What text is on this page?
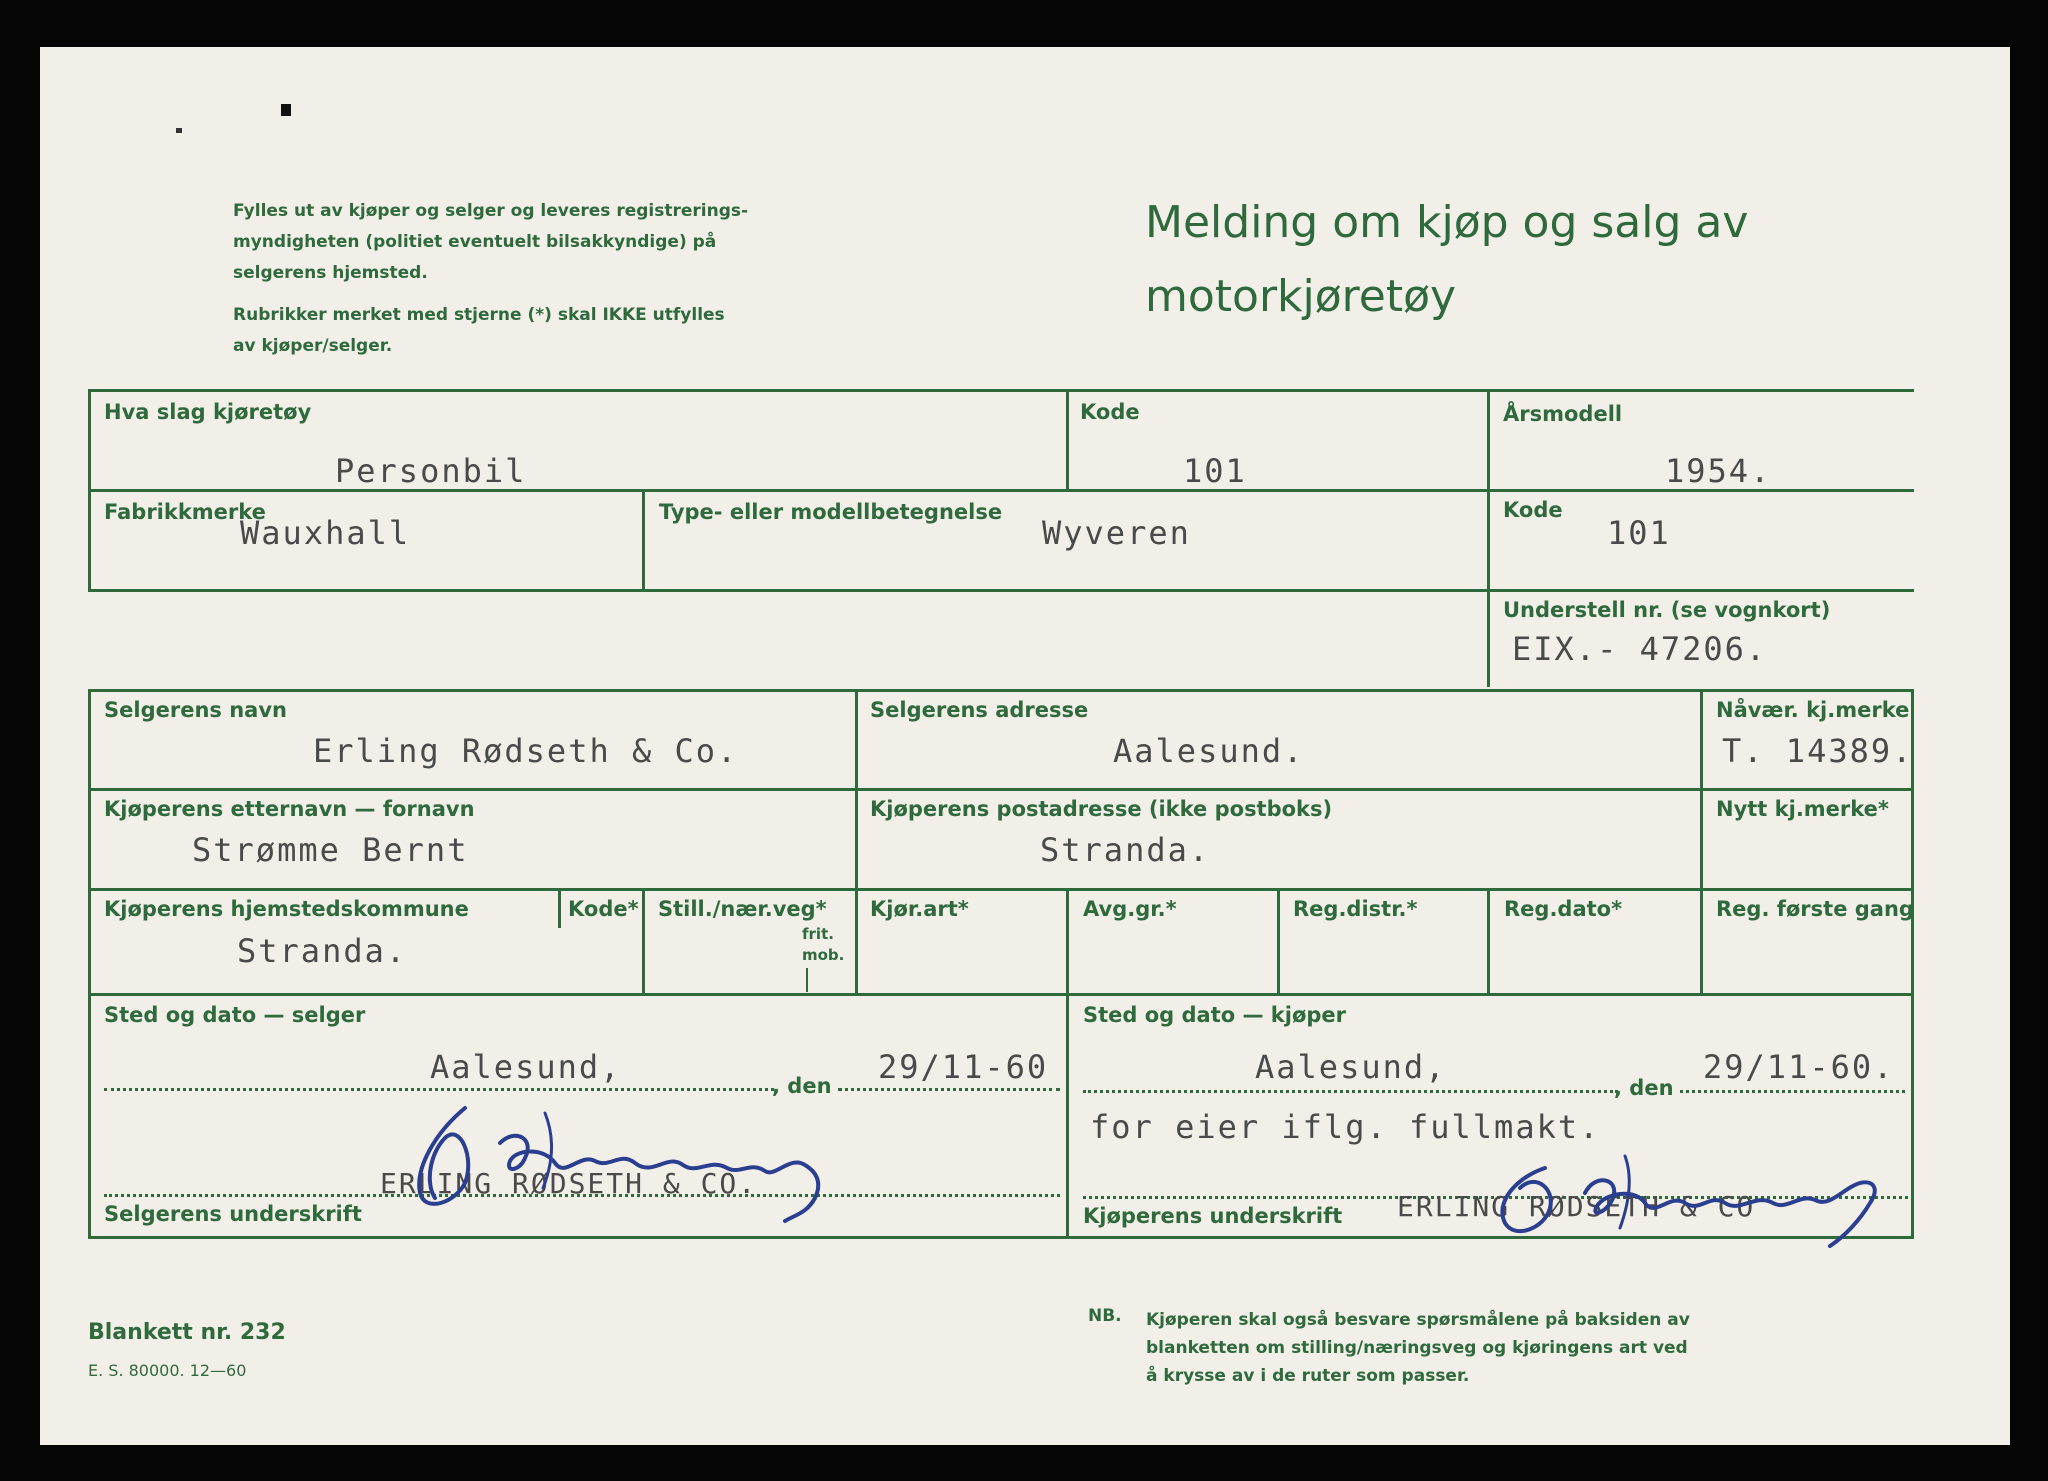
Fylles ut av kjøper og selger og leveres registrerings-

myndigheten (politiet eventuelt bilsakkyndige) på

selgerens hjemsted.

Rubrikker merket med stjerne (*) skal IKKE utfylles

av kjøper/selger.

Melding om kjøp og salg av
motorkjøretøy
Hva slag kjøretøy
Personbil
Kode
101
Årsmodell
1954.
Fabrikkmerke
Wauxhall
Type- eller modellbetegnelse
Wyveren
Kode
101
Understell nr. (se vognkort)
EIX.- 47206.
Selgerens navn
Erling Rødseth & Co.
Selgerens adresse
Aalesund.
Nåvær. kj.merke
T. 14389.
Kjøperens etternavn — fornavn
Strømme Bernt
Kjøperens postadresse (ikke postboks)
Stranda.
Nytt kj.merke*
Kjøperens hjemstedskommune
Stranda.
Kode* Still./nær.veg*
frit.
mob.
Kjør.art*	Avg.gr.*	Reg.distr.*	Reg.dato*	Reg. første gang
Sted og dato — selger
Aalesund,	, den 29/11-60
ERLING RØDSETH & CO.
Selgerens underskrift
Sted og dato — kjøper
Aalesund,
, den
29/11-60.
for eier iflg. fullmakt.
Kjøperens underskrift ERLING RØDSETH & CO
Blankett nr. 232
E. S. 80000. 12—60
NB. Kjøperen skal også besvare spørsmålene på baksiden av
blanketten om stilling/næringsveg og kjøringens art ved
å krysse av i de ruter som passer.
